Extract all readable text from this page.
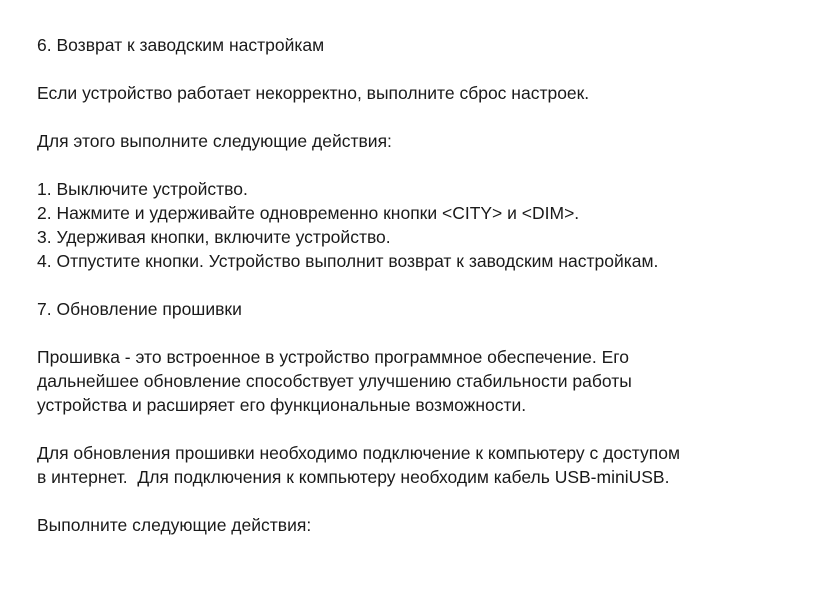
6. Возврат к заводским настройкам
Если устройство работает некорректно, выполните сброс настроек.
Для этого выполните следующие действия:
1. Выключите устройство.
2. Нажмите и удерживайте одновременно кнопки <CITY> и <DIM>.
3. Удерживая кнопки, включите устройство.
4. Отпустите кнопки. Устройство выполнит возврат к заводским настройкам.
7. Обновление прошивки
Прошивка - это встроенное в устройство программное обеспечение. Его
дальнейшее обновление способствует улучшению стабильности работы
устройства и расширяет его функциональные возможности.
Для обновления прошивки необходимо подключение к компьютеру с доступом
в интернет.  Для подключения к компьютеру необходим кабель USB-miniUSB.
Выполните следующие действия:
